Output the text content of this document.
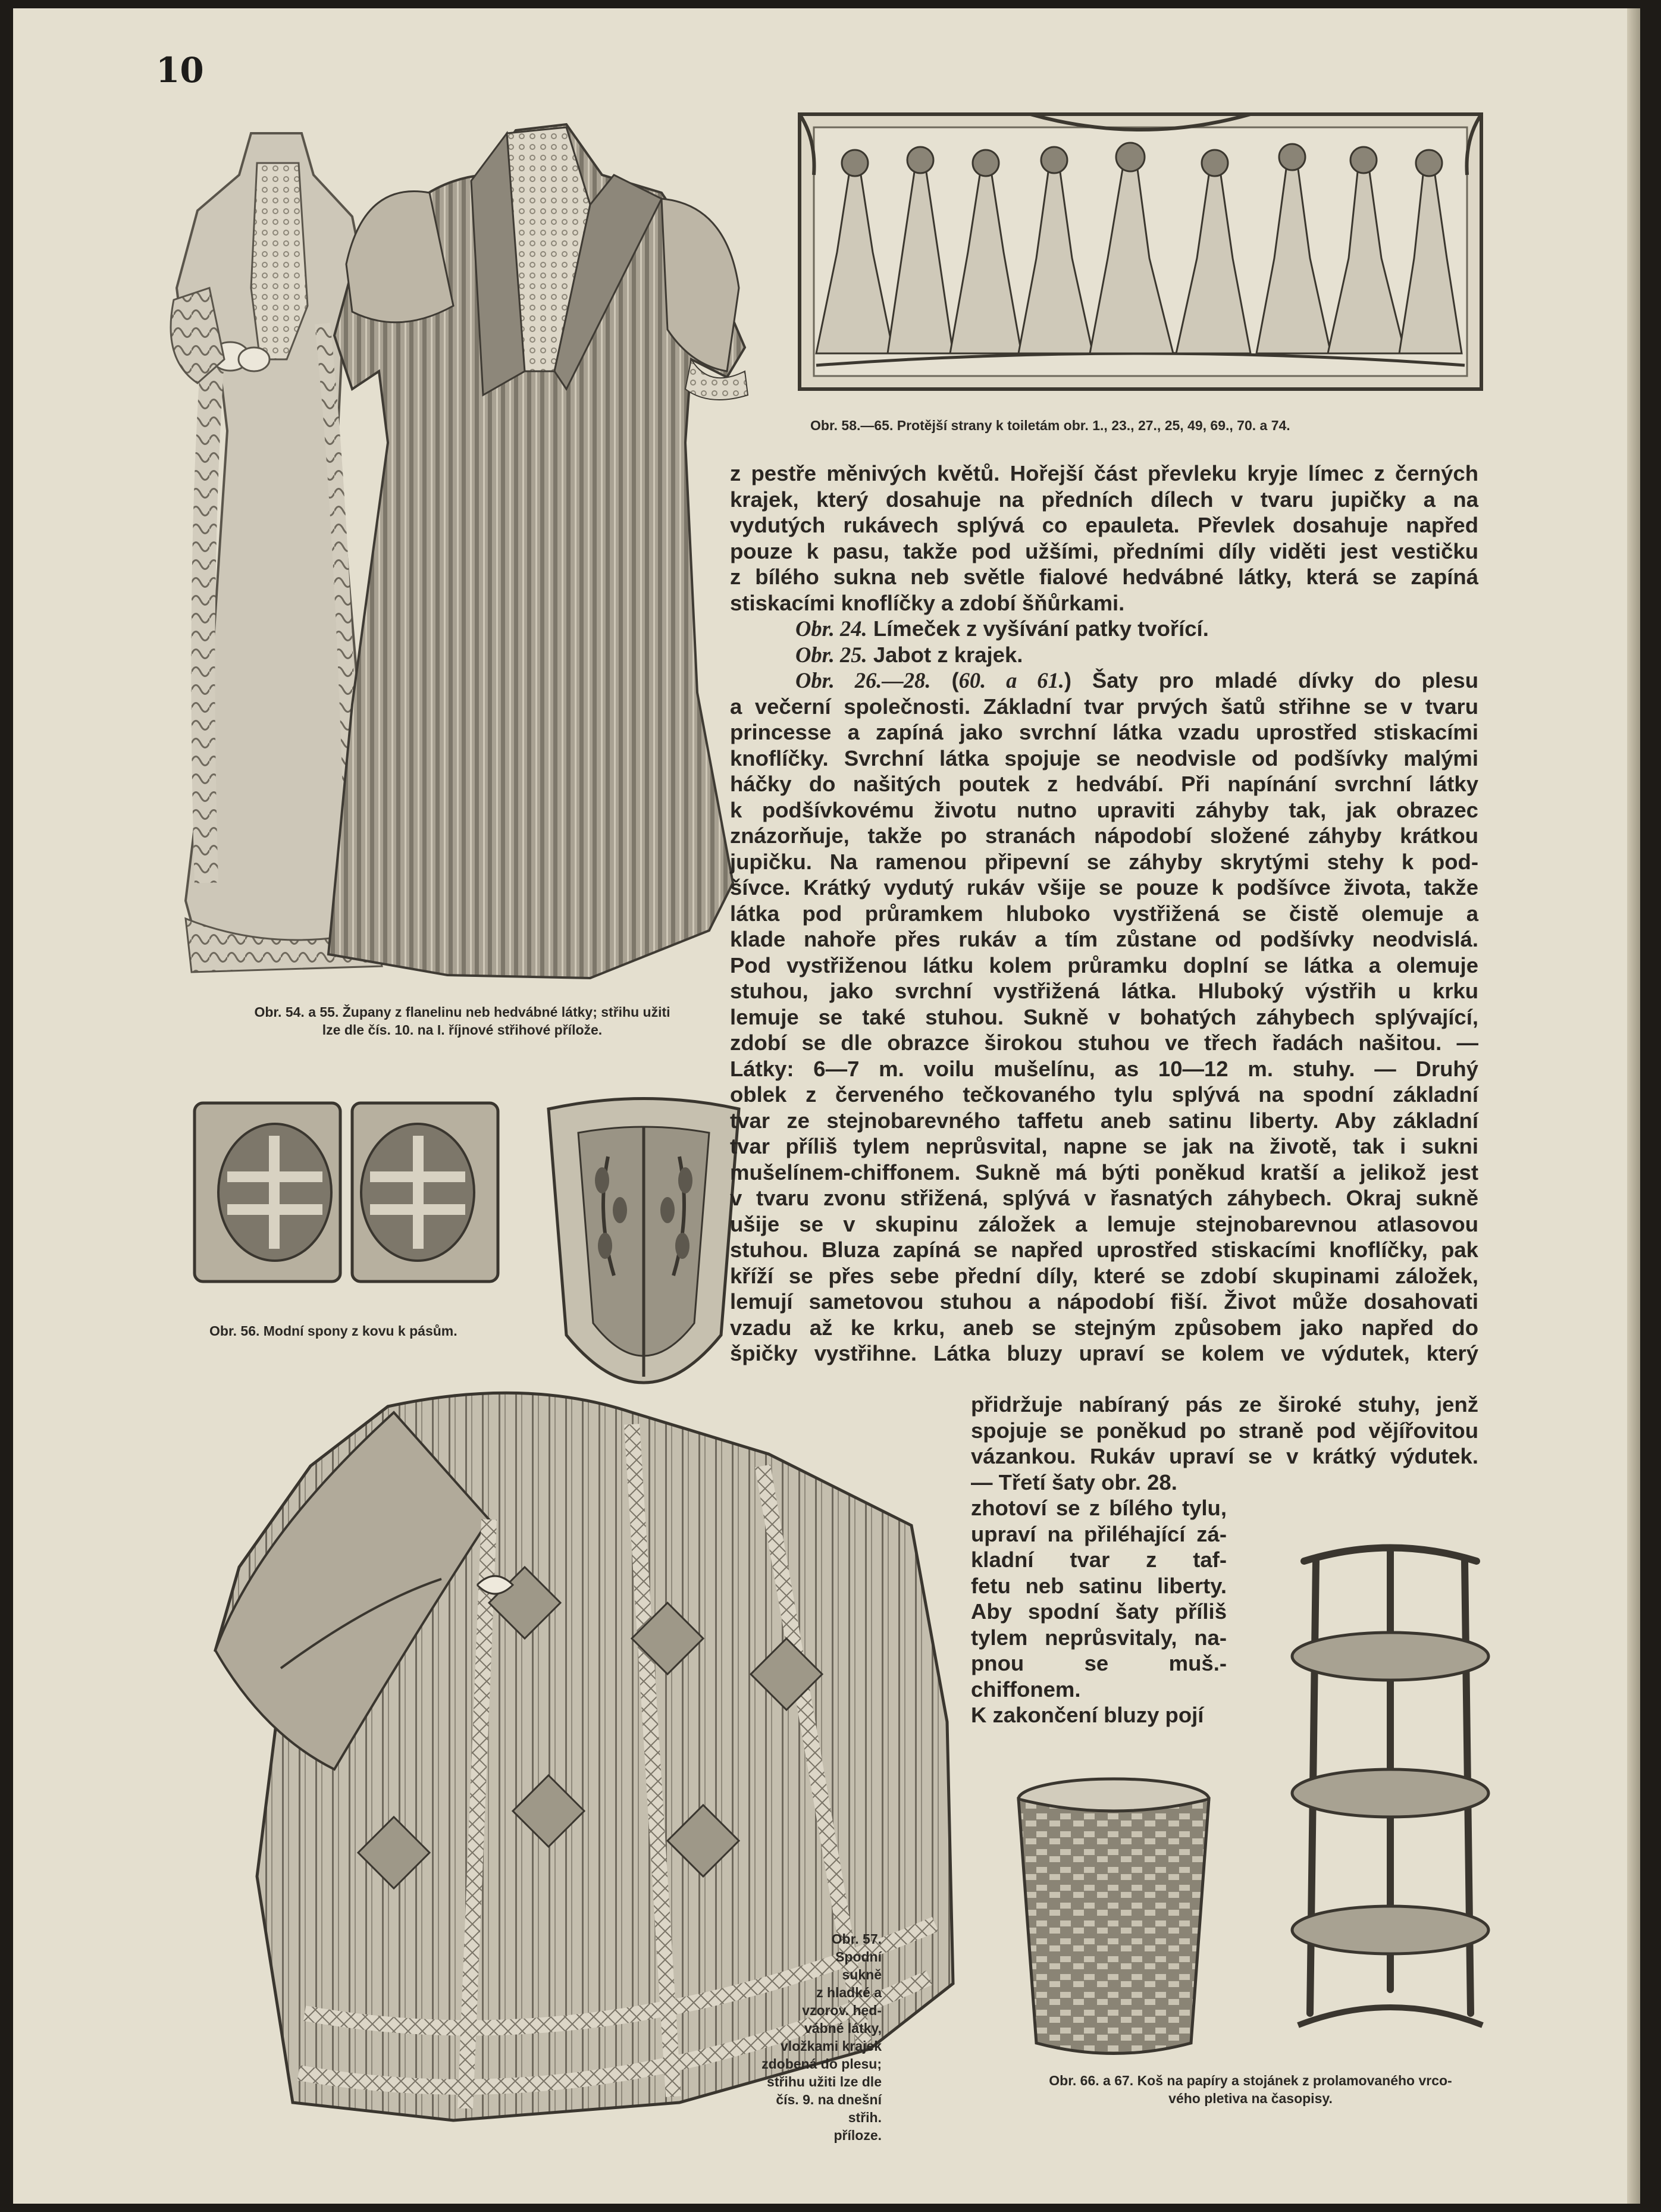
10
Obr. 54. a 55. Župany z flanelinu neb hedvábné látky; střihu užiti
lze dle čís. 10. na I. říjnové střihové přílože.
Obr. 58.—65. Protější strany k toiletám obr. 1., 23., 27., 25, 49, 69., 70. a 74.
Obr. 56. Modní spony z kovu k pásům.
Obr. 57.
Spodní
sukně
z hladké a
vzorov. hed-
vábné látky,
vložkami krajek
zdobená do plesu;
střihu užiti lze dle
čís. 9. na dnešní střih.
příloze.
Obr. 66. a 67. Koš na papíry a stojánek z prolamovaného vrco-
vého pletiva na časopisy.

z pestře měnivých květů. Hořejší část převleku kryje límec z černých

krajek, který dosahuje na předních dílech v tvaru jupičky a na

vydutých rukávech splývá co epauleta. Převlek dosahuje napřed

pouze k pasu, takže pod užšími, předními díly viděti jest vestičku

z bílého sukna neb světle fialové hedvábné látky, která se zapíná

stiskacími knoflíčky a zdobí šňůrkami.

Obr. 24. Límeček z vyšívání patky tvořící.

Obr. 25. Jabot z krajek.

Obr. 26.—28. (60. a 61.) Šaty pro mladé dívky do plesu

a večerní společnosti. Základní tvar prvých šatů střihne se v tvaru

princesse a zapíná jako svrchní látka vzadu uprostřed stiskacími

knoflíčky. Svrchní látka spojuje se neodvisle od podšívky malými

háčky do našitých poutek z hedvábí. Při napínání svrchní látky

k podšívkovému životu nutno upraviti záhyby tak, jak obrazec

znázorňuje, takže po stranách nápodobí složené záhyby krátkou

jupičku. Na ramenou připevní se záhyby skrytými stehy k pod-

šívce. Krátký vydutý rukáv všije se pouze k podšívce života, takže

látka pod průramkem hluboko vystřižená se čistě olemuje a

klade nahoře přes rukáv a tím zůstane od podšívky neodvislá.

Pod vystřiženou látku kolem průramku doplní se látka a olemuje

stuhou, jako svrchní vystřižená látka. Hluboký výstřih u krku

lemuje se také stuhou. Sukně v bohatých záhybech splývající,

zdobí se dle obrazce širokou stuhou ve třech řadách našitou. —

Látky: 6—7 m. voilu mušelínu, as 10—12 m. stuhy. — Druhý

oblek z červeného tečkovaného tylu splývá na spodní základní

tvar ze stejnobarevného taffetu aneb satinu liberty. Aby základní

tvar příliš tylem neprůsvital, napne se jak na životě, tak i sukni

mušelínem-chiffonem. Sukně má býti poněkud kratší a jelikož jest

v tvaru zvonu střižená, splývá v řasnatých záhybech. Okraj sukně

ušije se v skupinu záložek a lemuje stejnobarevnou atlasovou

stuhou. Bluza zapíná se napřed uprostřed stiskacími knoflíčky, pak

kříží se přes sebe přední díly, které se zdobí skupinami záložek,

lemují sametovou stuhou a nápodobí fiší. Život může dosahovati

vzadu až ke krku, aneb se stejným způsobem jako napřed do

špičky vystřihne. Látka bluzy upraví se kolem ve výdutek, který

přidržuje nabíraný pás ze široké stuhy, jenž

spojuje se poněkud po straně pod vějířovitou

vázankou. Rukáv upraví se v krátký výdutek.

— Třetí šaty obr. 28.

zhotoví se z bílého tylu,

upraví na přiléhající zá-

kladní tvar z taf-

fetu neb satinu liberty.

Aby spodní šaty příliš

tylem neprůsvitaly, na-

pnou se muš.-chiffonem.

K zakončení bluzy pojí
